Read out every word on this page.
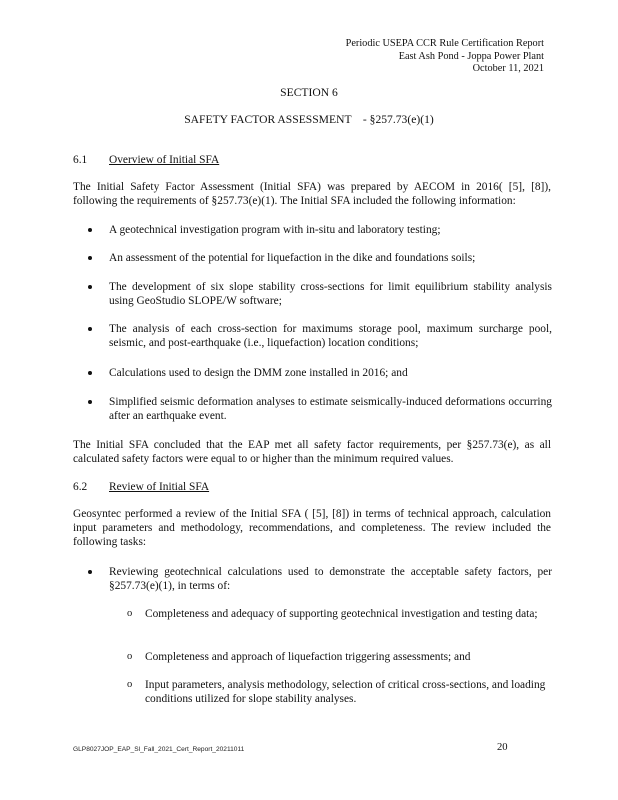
Periodic USEPA CCR Rule Certification Report
East Ash Pond - Joppa Power Plant
October 11, 2021
SECTION 6
SAFETY FACTOR ASSESSMENT    - §257.73(e)(1)
6.1 Overview of Initial SFA
The Initial Safety Factor Assessment (Initial SFA) was prepared by AECOM in 2016( [5], [8]), following the requirements of §257.73(e)(1). The Initial SFA included the following information:
A geotechnical investigation program with in-situ and laboratory testing;
An assessment of the potential for liquefaction in the dike and foundations soils;
The development of six slope stability cross-sections for limit equilibrium stability analysis using GeoStudio SLOPE/W software;
The analysis of each cross-section for maximums storage pool, maximum surcharge pool, seismic, and post-earthquake (i.e., liquefaction) location conditions;
Calculations used to design the DMM zone installed in 2016; and
Simplified seismic deformation analyses to estimate seismically-induced deformations occurring after an earthquake event.
The Initial SFA concluded that the EAP met all safety factor requirements, per §257.73(e), as all calculated safety factors were equal to or higher than the minimum required values.
6.2 Review of Initial SFA
Geosyntec performed a review of the Initial SFA ( [5], [8]) in terms of technical approach, calculation input parameters and methodology, recommendations, and completeness. The review included the following tasks:
Reviewing geotechnical calculations used to demonstrate the acceptable safety factors, per §257.73(e)(1), in terms of:
o Completeness and adequacy of supporting geotechnical investigation and testing data;
o Completeness and approach of liquefaction triggering assessments; and
o Input parameters, analysis methodology, selection of critical cross-sections, and loading conditions utilized for slope stability analyses.
GLP8027JOP_EAP_Sl_Fall_2021_Cert_Report_20211011	20
